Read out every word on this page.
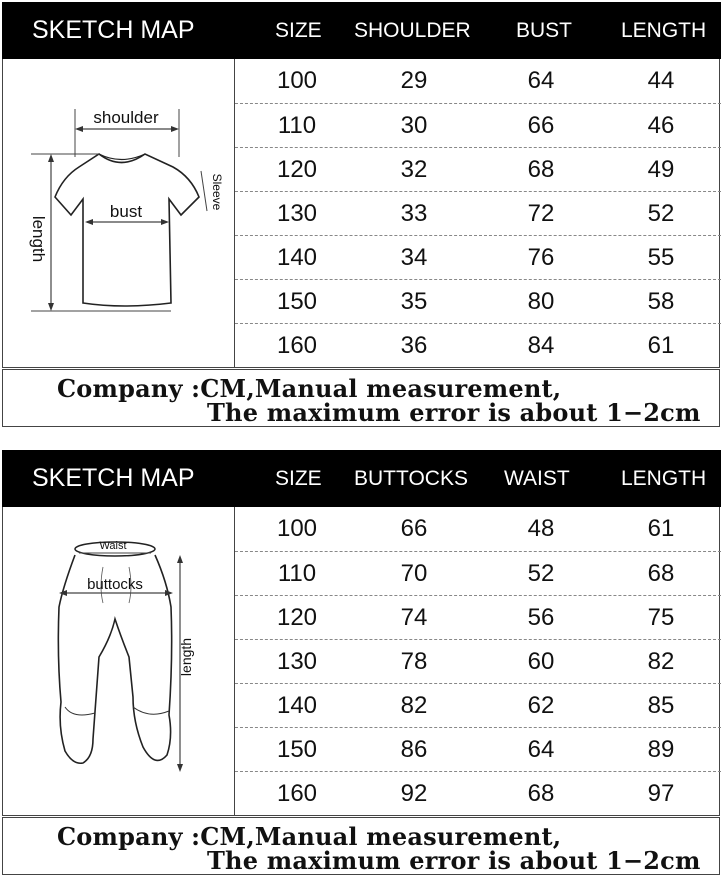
SKETCH MAP	SIZE SHOULDER BUST LENGTH
shoulder
bust
length
Sleeve
100	29	64	44
110	30	66	46
120	32	68	49
130	33	72	52
140	34	76	55
150	35	80	58
160	36	84	61
Company :CM,Manual measurement,
The maximum error is about 1−2cm
SKETCH MAP	SIZE BUTTOCKS WAIST LENGTH
Waist
buttocks
length
100	66	48	61
110	70	52	68
120	74	56	75
130	78	60	82
140	82	62	85
150	86	64	89
160	92	68	97
Company :CM,Manual measurement,
The maximum error is about 1−2cm
